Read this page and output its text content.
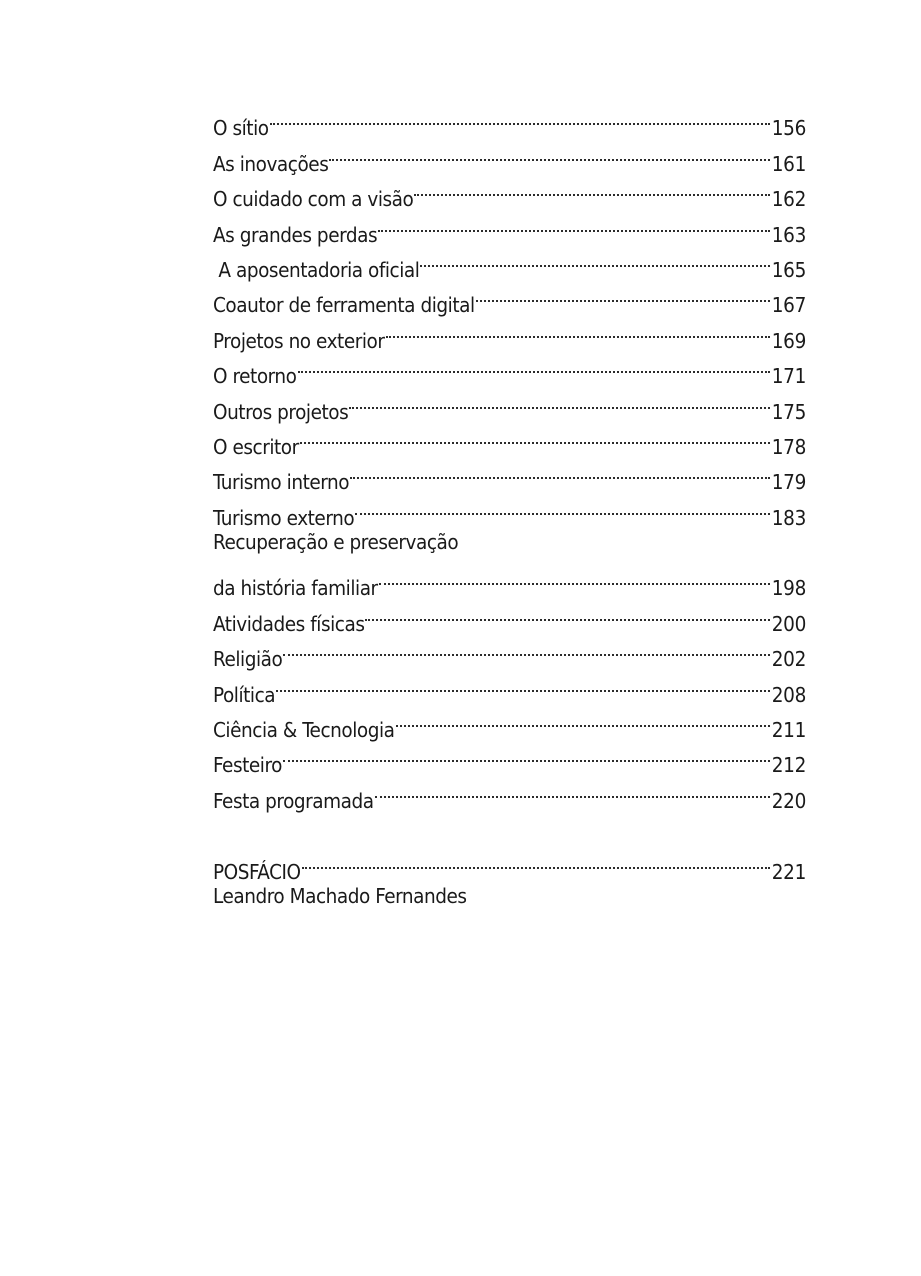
O sítio	156
As inovações	161
O cuidado com a visão	162
As grandes perdas	163
A aposentadoria oficial	165
Coautor de ferramenta digital	167
Projetos no exterior	169
O retorno	171
Outros projetos	175
O escritor	178
Turismo interno	179
Turismo externo	183
Recuperação e preservação
da história familiar	198
Atividades físicas	200
Religião	202
Política	208
Ciência & Tecnologia	211
Festeiro	212
Festa programada	220
POSFÁCIO	221
Leandro Machado Fernandes
